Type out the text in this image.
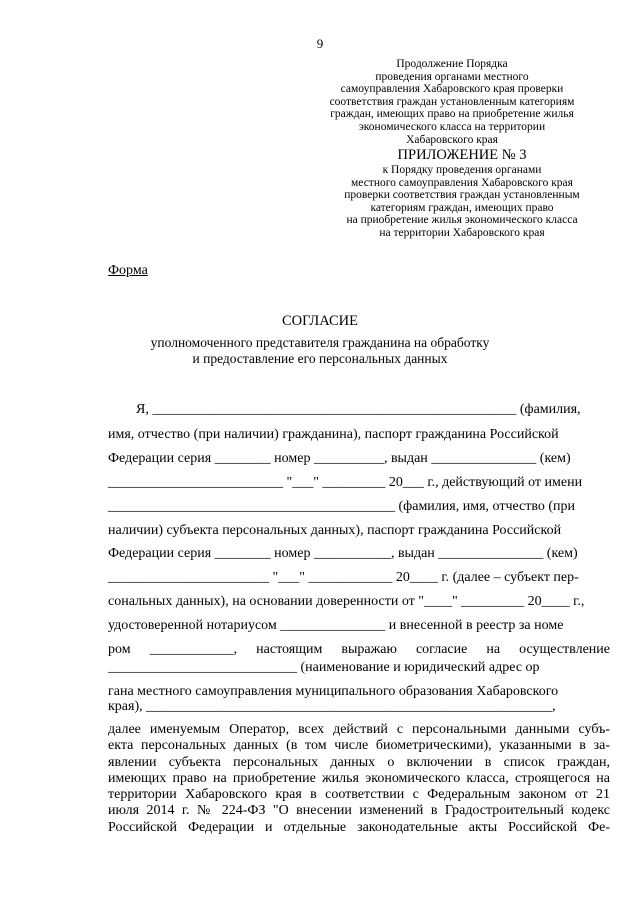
9
Продолжение Порядка
проведения органами местного
самоуправления Хабаровского края проверки
соответствия граждан установленным категориям
граждан, имеющих право на приобретение жилья
экономического класса на территории
Хабаровского края
ПРИЛОЖЕНИЕ № 3
к Порядку проведения органами
местного самоуправления Хабаровского края
проверки соответствия граждан установленным
категориям граждан, имеющих право
на приобретение жилья экономического класса
на территории Хабаровского края
Форма
СОГЛАСИЕ
уполномоченного представителя гражданина на обработку
и предоставление его персональных данных
Я, ____________________________________________________ (фамилия,
имя, отчество (при наличии) гражданина), паспорт гражданина Российской
Федерации серия ________ номер __________, выдан _______________ (кем)
_________________________ "___" _________ 20___ г., действующий от имени
_________________________________________ (фамилия, имя, отчество (при
наличии) субъекта персональных данных), паспорт гражданина Российской
Федерации серия ________ номер ___________, выдан _______________ (кем)
_______________________ "___" ____________ 20____ г. (далее – субъект пер-
сональных данных), на основании доверенности от "____" _________ 20____ г.,
удостоверенной нотариусом _______________ и внесенной в реестр за номе
ром ____________, настоящим выражаю согласие на осуществление
___________________________ (наименование и юридический адрес ор
гана местного самоуправления муниципального образования Хабаровского
края), __________________________________________________________,
далее именуемым Оператор, всех действий с персональными данными субъ-
екта персональных данных (в том числе биометрическими), указанными в за-
явлении субъекта персональных данных о включении в список граждан,
имеющих право на приобретение жилья экономического класса, строящегося на
территории Хабаровского края в соответствии с Федеральным законом от 21
июля 2014 г. № 224-ФЗ "О внесении изменений в Градостроительный кодекс
Российской Федерации и отдельные законодательные акты Российской Фе-
